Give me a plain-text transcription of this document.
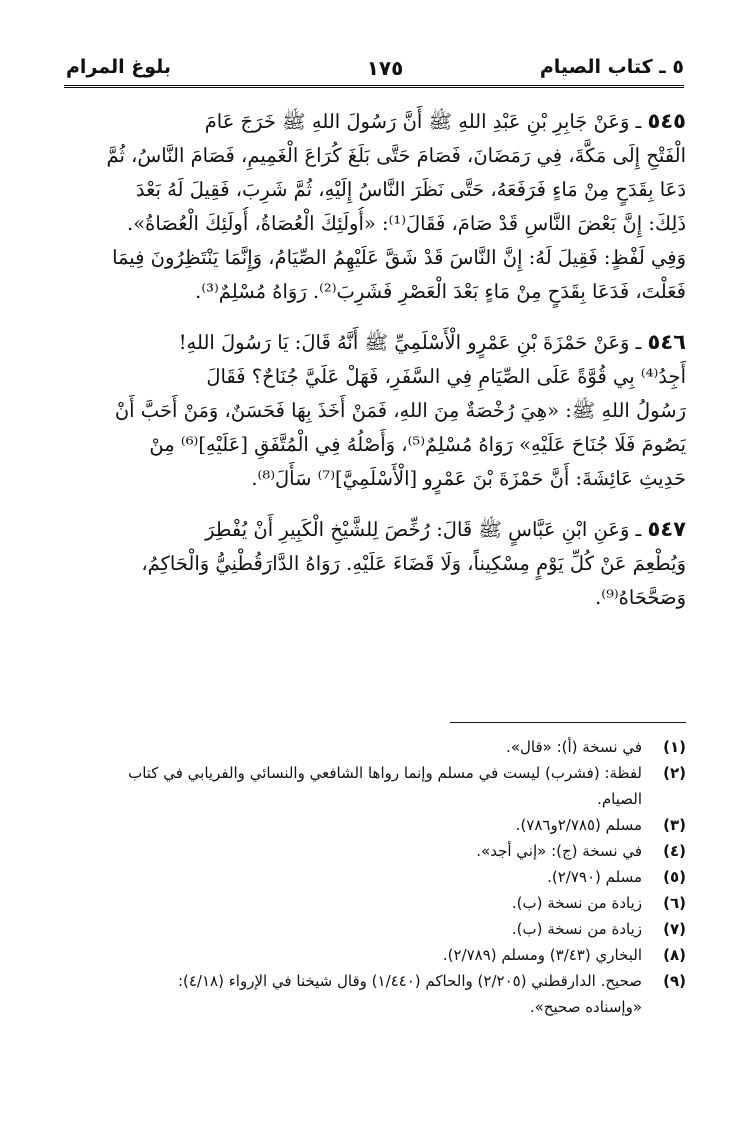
بلوغ المرام	١٧٥	٥ ـ كتاب الصيام
٥٤٥ ـ وَعَنْ جَابِرِ بْنِ عَبْدِ اللهِ ﷺ أَنَّ رَسُولَ اللهِ ﷺ خَرَجَ عَامَ
الْفَتْحِ إِلَى مَكَّةَ، فِي رَمَضَانَ، فَصَامَ حَتَّى بَلَغَ كُرَاعَ الْغَمِيمِ، فَصَامَ النَّاسُ، ثُمَّ
دَعَا بِقَدَحٍ مِنْ مَاءٍ فَرَفَعَهُ، حَتَّى نَظَرَ النَّاسُ إِلَيْهِ، ثُمَّ شَرِبَ، فَقِيلَ لَهُ بَعْدَ
ذَلِكَ: إِنَّ بَعْضَ النَّاسِ قَدْ صَامَ، فَقَالَ⁽¹⁾: «أُولَئِكَ الْعُصَاةُ، أُولَئِكَ الْعُصَاةُ».
وَفِي لَفْظٍ: فَقِيلَ لَهُ: إِنَّ النَّاسَ قَدْ شَقَّ عَلَيْهِمُ الصِّيَامُ، وَإِنَّمَا يَنْتَظِرُونَ فِيمَا
فَعَلْتَ، فَدَعَا بِقَدَحٍ مِنْ مَاءٍ بَعْدَ الْعَصْرِ فَشَرِبَ⁽²⁾. رَوَاهُ مُسْلِمٌ⁽³⁾.
٥٤٦ ـ وَعَنْ حَمْزَةَ بْنِ عَمْرٍو الْأَسْلَمِيِّ ﷺ أَنَّهُ قَالَ: يَا رَسُولَ اللهِ!
أَجِدُ⁽⁴⁾ بِي قُوَّةً عَلَى الصِّيَامِ فِي السَّفَرِ، فَهَلْ عَلَيَّ جُنَاحٌ؟ فَقَالَ
رَسُولُ اللهِ ﷺ: «هِيَ رُخْصَةٌ مِنَ اللهِ، فَمَنْ أَخَذَ بِهَا فَحَسَنٌ، وَمَنْ أَحَبَّ أَنْ
يَصُومَ فَلَا جُنَاحَ عَلَيْهِ» رَوَاهُ مُسْلِمٌ⁽⁵⁾، وَأَصْلُهُ فِي الْمُتَّفَقِ [عَلَيْهِ]⁽⁶⁾ مِنْ
حَدِيثِ عَائِشَةَ: أَنَّ حَمْزَةَ بْنَ عَمْرٍو [الْأَسْلَمِيَّ]⁽⁷⁾ سَأَلَ⁽⁸⁾.
٥٤٧ ـ وَعَنِ ابْنِ عَبَّاسٍ ﷺ قَالَ: رُخِّصَ لِلشَّيْخِ الْكَبِيرِ أَنْ يُفْطِرَ
وَيُطْعِمَ عَنْ كُلِّ يَوْمٍ مِسْكِيناً، وَلَا قَضَاءَ عَلَيْهِ. رَوَاهُ الدَّارَقُطْنِيُّ وَالْحَاكِمُ،
وَصَحَّحَاهُ⁽⁹⁾.
(١)
في نسخة (أ): «قال».
(٢)
لفظة: (فشرب) ليست في مسلم وإنما رواها الشافعي والنسائي والفريابي في كتاب
الصيام.
(٣)
مسلم (٢/٧٨٥و٧٨٦).
(٤)
في نسخة (ج): «إني أجد».
(٥)
مسلم (٢/٧٩٠).
(٦)
زيادة من نسخة (ب).
(٧)
زيادة من نسخة (ب).
(٨)
البخاري (٣/٤٣) ومسلم (٢/٧٨٩).
(٩)
صحيح. الدارقطني (٢/٢٠٥) والحاكم (١/٤٤٠) وقال شيخنا في الإرواء (٤/١٨):
«وإسناده صحيح».
